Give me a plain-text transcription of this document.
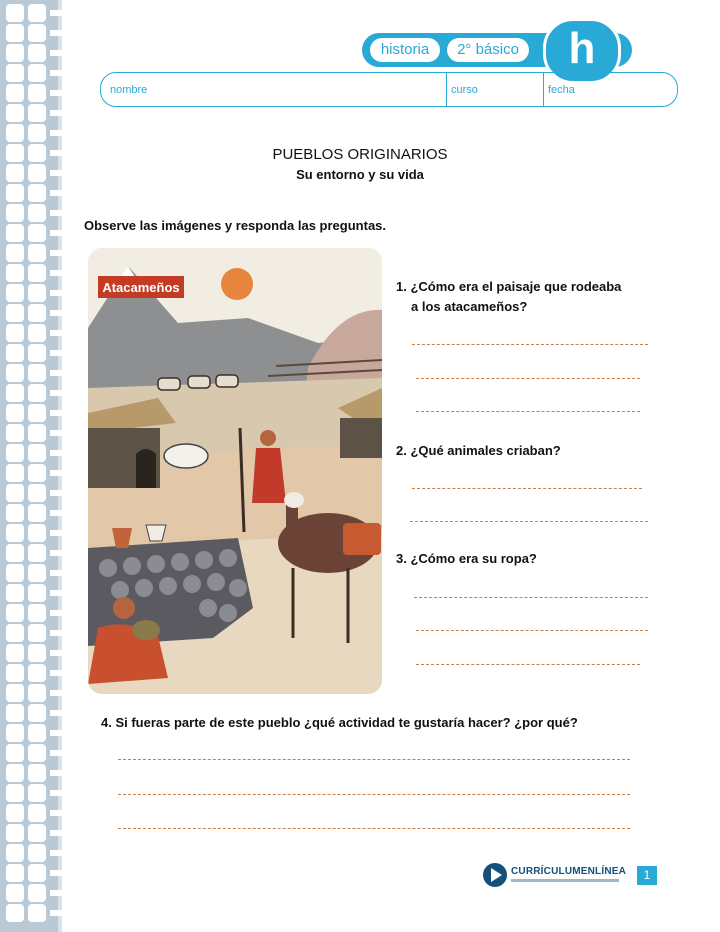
historia	2° básico	h
nombre	curso	fecha
PUEBLOS ORIGINARIOS
Su entorno y su vida
Observe las imágenes y responda las preguntas.
Atacameños	1. ¿Cómo era el paisaje que rodeaba
a los atacameños?
2. ¿Qué animales criaban?
3. ¿Cómo era su ropa?
4. Si fueras parte de este pueblo ¿qué actividad te gustaría hacer? ¿por qué?
CURRÍCULUMENLÍNEA	1
